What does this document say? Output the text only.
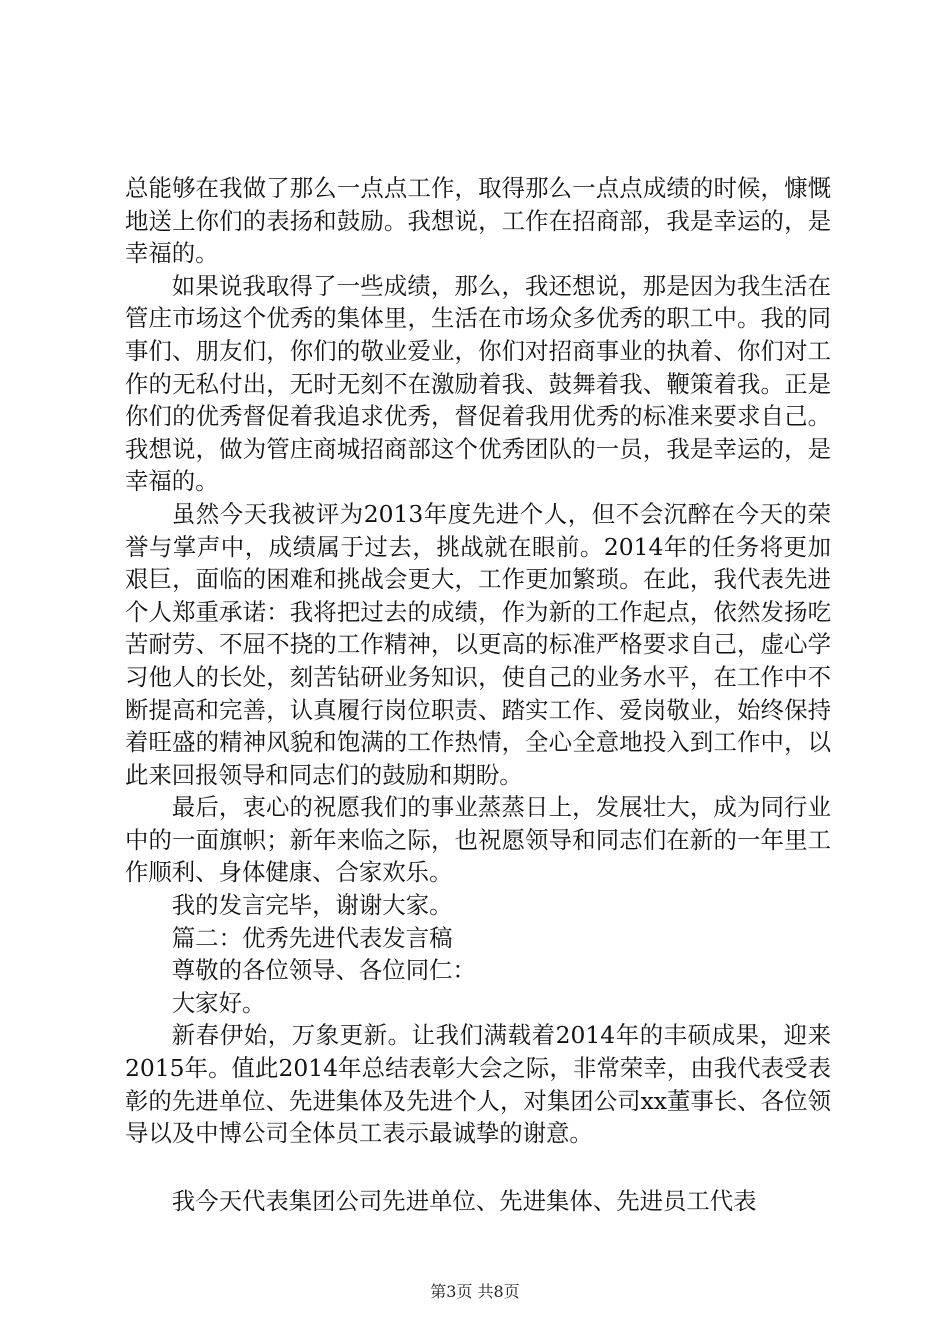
总能够在我做了那么一点点工作，取得那么一点点成绩的时候，慷慨地送上你们的表扬和鼓励。我想说，工作在招商部，我是幸运的，是幸福的。

如果说我取得了一些成绩，那么，我还想说，那是因为我生活在管庄市场这个优秀的集体里，生活在市场众多优秀的职工中。我的同事们、朋友们，你们的敬业爱业，你们对招商事业的执着、你们对工作的无私付出，无时无刻不在激励着我、鼓舞着我、鞭策着我。正是你们的优秀督促着我追求优秀，督促着我用优秀的标准来要求自己。我想说，做为管庄商城招商部这个优秀团队的一员，我是幸运的，是幸福的。

虽然今天我被评为2013年度先进个人，但不会沉醉在今天的荣誉与掌声中，成绩属于过去，挑战就在眼前。2014年的任务将更加艰巨，面临的困难和挑战会更大，工作更加繁琐。在此，我代表先进个人郑重承诺：我将把过去的成绩，作为新的工作起点，依然发扬吃苦耐劳、不屈不挠的工作精神，以更高的标准严格要求自己，虚心学习他人的长处，刻苦钻研业务知识，使自己的业务水平，在工作中不断提高和完善，认真履行岗位职责、踏实工作、爱岗敬业，始终保持着旺盛的精神风貌和饱满的工作热情，全心全意地投入到工作中，以此来回报领导和同志们的鼓励和期盼。

最后，衷心的祝愿我们的事业蒸蒸日上，发展壮大，成为同行业中的一面旗帜；新年来临之际，也祝愿领导和同志们在新的一年里工作顺利、身体健康、合家欢乐。

我的发言完毕，谢谢大家。

篇二：优秀先进代表发言稿

尊敬的各位领导、各位同仁：

大家好。

新春伊始，万象更新。让我们满载着2014年的丰硕成果，迎来2015年。值此2014年总结表彰大会之际，非常荣幸，由我代表受表彰的先进单位、先进集体及先进个人，对集团公司xx董事长、各位领导以及中博公司全体员工表示最诚挚的谢意。

我今天代表集团公司先进单位、先进集体、先进员工代表

第3页 共8页
